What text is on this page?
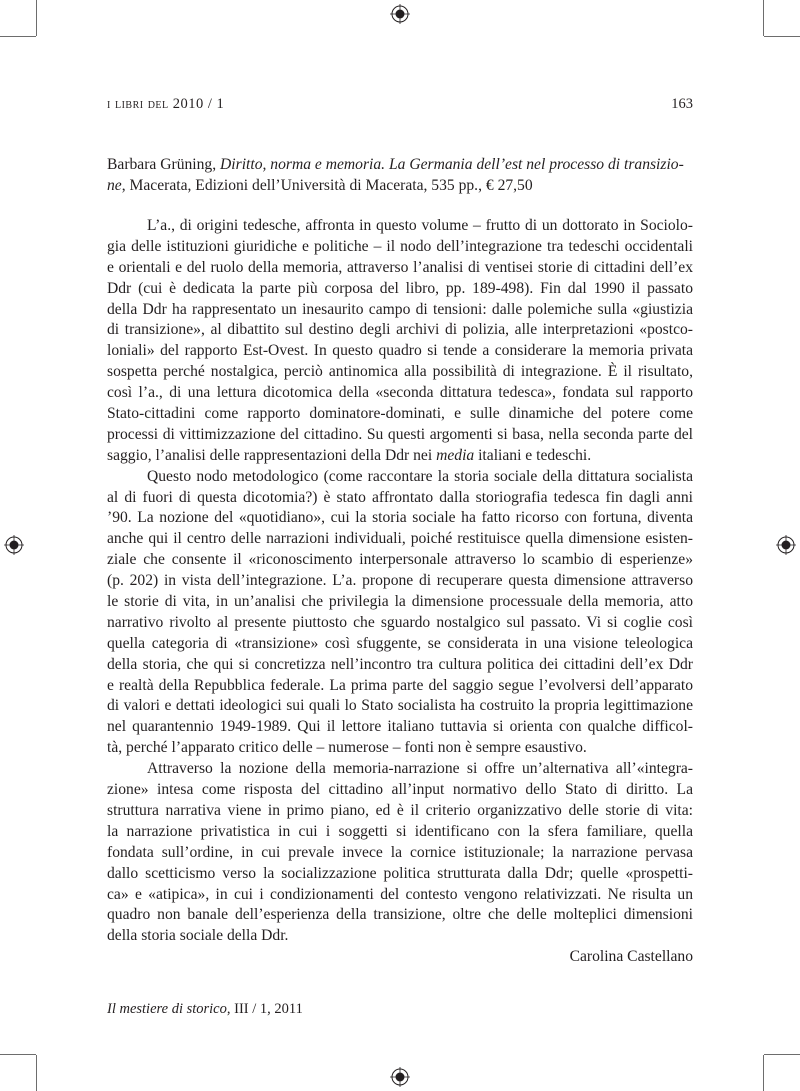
i libri del 2010 / 1	163
Barbara Grüning, Diritto, norma e memoria. La Germania dell’est nel processo di transizio-
ne, Macerata, Edizioni dell’Università di Macerata, 535 pp., € 27,50
L’a., di origini tedesche, affronta in questo volume – frutto di un dottorato in Sociolo-
gia delle istituzioni giuridiche e politiche – il nodo dell’integrazione tra tedeschi occidentali
e orientali e del ruolo della memoria, attraverso l’analisi di ventisei storie di cittadini dell’ex
Ddr (cui è dedicata la parte più corposa del libro, pp. 189-498). Fin dal 1990 il passato
della Ddr ha rappresentato un inesaurito campo di tensioni: dalle polemiche sulla «giustizia
di transizione», al dibattito sul destino degli archivi di polizia, alle interpretazioni «postco-
loniali» del rapporto Est-Ovest. In questo quadro si tende a considerare la memoria privata
sospetta perché nostalgica, perciò antinomica alla possibilità di integrazione. È il risultato,
così l’a., di una lettura dicotomica della «seconda dittatura tedesca», fondata sul rapporto
Stato-cittadini come rapporto dominatore-dominati, e sulle dinamiche del potere come
processi di vittimizzazione del cittadino. Su questi argomenti si basa, nella seconda parte del
saggio, l’analisi delle rappresentazioni della Ddr nei media italiani e tedeschi.
Questo nodo metodologico (come raccontare la storia sociale della dittatura socialista
al di fuori di questa dicotomia?) è stato affrontato dalla storiografia tedesca fin dagli anni
’90. La nozione del «quotidiano», cui la storia sociale ha fatto ricorso con fortuna, diventa
anche qui il centro delle narrazioni individuali, poiché restituisce quella dimensione esisten-
ziale che consente il «riconoscimento interpersonale attraverso lo scambio di esperienze»
(p. 202) in vista dell’integrazione. L’a. propone di recuperare questa dimensione attraverso
le storie di vita, in un’analisi che privilegia la dimensione processuale della memoria, atto
narrativo rivolto al presente piuttosto che sguardo nostalgico sul passato. Vi si coglie così
quella categoria di «transizione» così sfuggente, se considerata in una visione teleologica
della storia, che qui si concretizza nell’incontro tra cultura politica dei cittadini dell’ex Ddr
e realtà della Repubblica federale. La prima parte del saggio segue l’evolversi dell’apparato
di valori e dettati ideologici sui quali lo Stato socialista ha costruito la propria legittimazione
nel quarantennio 1949-1989. Qui il lettore italiano tuttavia si orienta con qualche difficol-
tà, perché l’apparato critico delle – numerose – fonti non è sempre esaustivo.
Attraverso la nozione della memoria-narrazione si offre un’alternativa all’«integra-
zione» intesa come risposta del cittadino all’input normativo dello Stato di diritto. La
struttura narrativa viene in primo piano, ed è il criterio organizzativo delle storie di vita:
la narrazione privatistica in cui i soggetti si identificano con la sfera familiare, quella
fondata sull’ordine, in cui prevale invece la cornice istituzionale; la narrazione pervasa
dallo scetticismo verso la socializzazione politica strutturata dalla Ddr; quelle «prospetti-
ca» e «atipica», in cui i condizionamenti del contesto vengono relativizzati. Ne risulta un
quadro non banale dell’esperienza della transizione, oltre che delle molteplici dimensioni
della storia sociale della Ddr.
Carolina Castellano
Il mestiere di storico, III / 1, 2011
